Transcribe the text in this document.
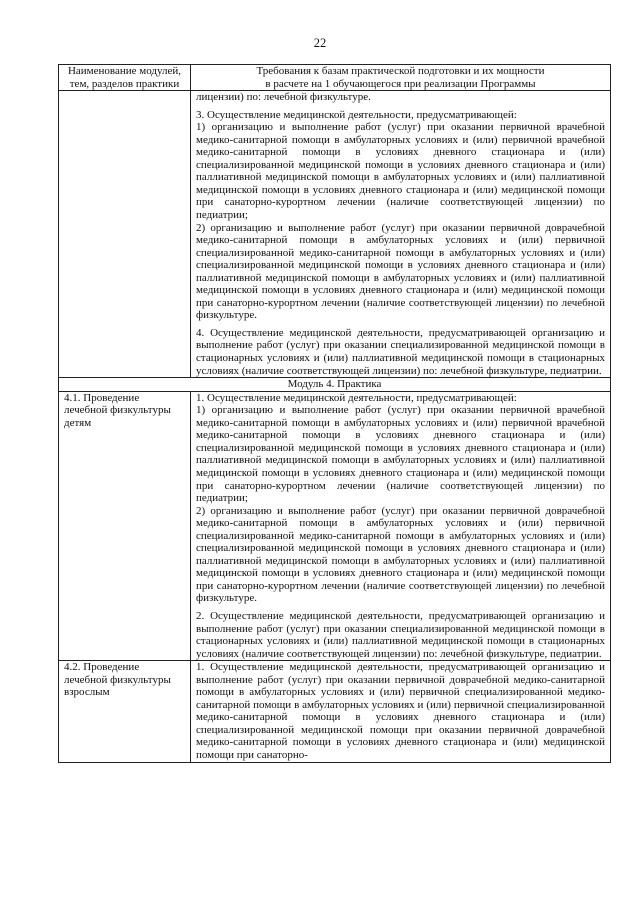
22
Наименование модулей, тем, разделов практики	Требования к базам практической подготовки и их мощности
в расчете на 1 обучающегося при реализации Программы

	лицензии) по: лечебной физкультуре.

3. Осуществление медицинской деятельности, предусматривающей:

1) организацию и выполнение работ (услуг) при оказании первичной врачебной медико-санитарной помощи в амбулаторных условиях и (или) первичной врачебной медико-санитарной помощи в условиях дневного стационара и (или) специализированной медицинской помощи в условиях дневного стационара и (или) паллиативной медицинской помощи в амбулаторных условиях и (или) паллиативной медицинской помощи в условиях дневного стационара и (или) медицинской помощи при санаторно-курортном лечении (наличие соответствующей лицензии) по педиатрии;

2) организацию и выполнение работ (услуг) при оказании первичной доврачебной медико-санитарной помощи в амбулаторных условиях и (или) первичной специализированной медико-санитарной помощи в амбулаторных условиях и (или) специализированной медицинской помощи в условиях дневного стационара и (или) паллиативной медицинской помощи в амбулаторных условиях и (или) паллиативной медицинской помощи в условиях дневного стационара и (или) медицинской помощи при санаторно-курортном лечении (наличие соответствующей лицензии) по лечебной физкультуре.

4. Осуществление медицинской деятельности, предусматривающей организацию и выполнение работ (услуг) при оказании специализированной медицинской помощи в стационарных условиях и (или) паллиативной медицинской помощи в стационарных условиях (наличие соответствующей лицензии) по: лечебной физкультуре, педиатрии.

Модуль 4. Практика	
4.1. Проведение лечебной физкультуры детям	1. Осуществление медицинской деятельности, предусматривающей:

1) организацию и выполнение работ (услуг) при оказании первичной врачебной медико-санитарной помощи в амбулаторных условиях и (или) первичной врачебной медико-санитарной помощи в условиях дневного стационара и (или) специализированной медицинской помощи в условиях дневного стационара и (или) паллиативной медицинской помощи в амбулаторных условиях и (или) паллиативной медицинской помощи в условиях дневного стационара и (или) медицинской помощи при санаторно-курортном лечении (наличие соответствующей лицензии) по педиатрии;

2) организацию и выполнение работ (услуг) при оказании первичной доврачебной медико-санитарной помощи в амбулаторных условиях и (или) первичной специализированной медико-санитарной помощи в амбулаторных условиях и (или) специализированной медицинской помощи в условиях дневного стационара и (или) паллиативной медицинской помощи в амбулаторных условиях и (или) паллиативной медицинской помощи в условиях дневного стационара и (или) медицинской помощи при санаторно-курортном лечении (наличие соответствующей лицензии) по лечебной физкультуре.

2. Осуществление медицинской деятельности, предусматривающей организацию и выполнение работ (услуг) при оказании специализированной медицинской помощи в стационарных условиях и (или) паллиативной медицинской помощи в стационарных условиях (наличие соответствующей лицензии) по: лечебной физкультуре, педиатрии.

4.2. Проведение лечебной физкультуры взрослым	1. Осуществление медицинской деятельности, предусматривающей организацию и выполнение работ (услуг) при оказании первичной доврачебной медико-санитарной помощи в амбулаторных условиях и (или) первичной специализированной медико-санитарной помощи в амбулаторных условиях и (или) первичной специализированной медико-санитарной помощи в условиях дневного стационара и (или) специализированной медицинской помощи при оказании первичной доврачебной медико-санитарной помощи в условиях дневного стационара и (или) медицинской помощи при санаторно-
